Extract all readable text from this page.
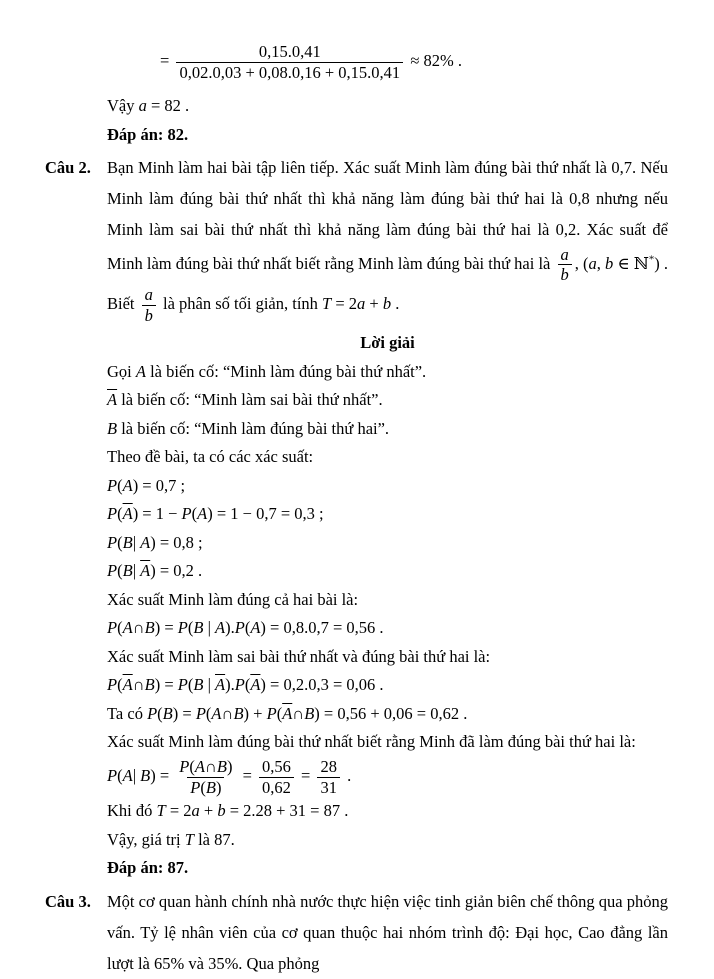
= $\frac{0,15.0,41}{0,02.0,03 + 0,08.0,16 + 0,15.0,41} \approx 82\%$ .
Vậy a = 82 .
Đáp án: 82.
Câu 2. Bạn Minh làm hai bài tập liên tiếp. Xác suất Minh làm đúng bài thứ nhất là 0,7. Nếu Minh làm đúng bài thứ nhất thì khả năng làm đúng bài thứ hai là 0,8 nhưng nếu Minh làm sai bài thứ nhất thì khả năng làm đúng bài thứ hai là 0,2. Xác suất để Minh làm đúng bài thứ nhất biết rằng Minh làm đúng bài thứ hai là $\frac{a}{b}$ , (a, b ∈ ℕ*) . Biết $\frac{a}{b}$ là phân số tối giản, tính T = 2a + b .
Lời giải
Gọi A là biến cố: “Minh làm đúng bài thứ nhất”.
$\overline{A}$ là biến cố: “Minh làm sai bài thứ nhất”.
B là biến cố: “Minh làm đúng bài thứ hai”.
Theo đề bài, ta có các xác suất:
P(A) = 0,7 ;
$P(\overline{A}) = 1 - P(A) = 1 - 0,7 = 0,3$ ;
P(B| A) = 0,8 ;
P(B| $\overline{A}) = 0,2$ .
Xác suất Minh làm đúng cả hai bài là:
P(A∩B) = P(B | A).P(A) = 0,8.0,7 = 0,56 .
Xác suất Minh làm sai bài thứ nhất và đúng bài thứ hai là:
$P(\overline{A}\cap B) = P(B$ | $\overline{A}).P(\overline{A}) = 0,2.0,3 = 0,06$ .
Ta có P(B) = P(A∩B) + $P(\overline{A}\cap B) = 0,56 + 0,06 = 0,62$ .
Xác suất Minh làm đúng bài thứ nhất biết rằng Minh đã làm đúng bài thứ hai là:
P(A| $B) = \frac{P(A\cap B)}{P(B)} = \frac{0,56}{0,62} = \frac{28}{31}$ .
Khi đó T = 2a + b = 2.28 + 31 = 87 .
Vậy, giá trị T là 87.
Đáp án: 87.
Câu 3. Một cơ quan hành chính nhà nước thực hiện việc tinh giản biên chế thông qua phỏng vấn. Tỷ lệ nhân viên của cơ quan thuộc hai nhóm trình độ: Đại học, Cao đẳng lần lượt là 65% và 35%. Qua phỏng
